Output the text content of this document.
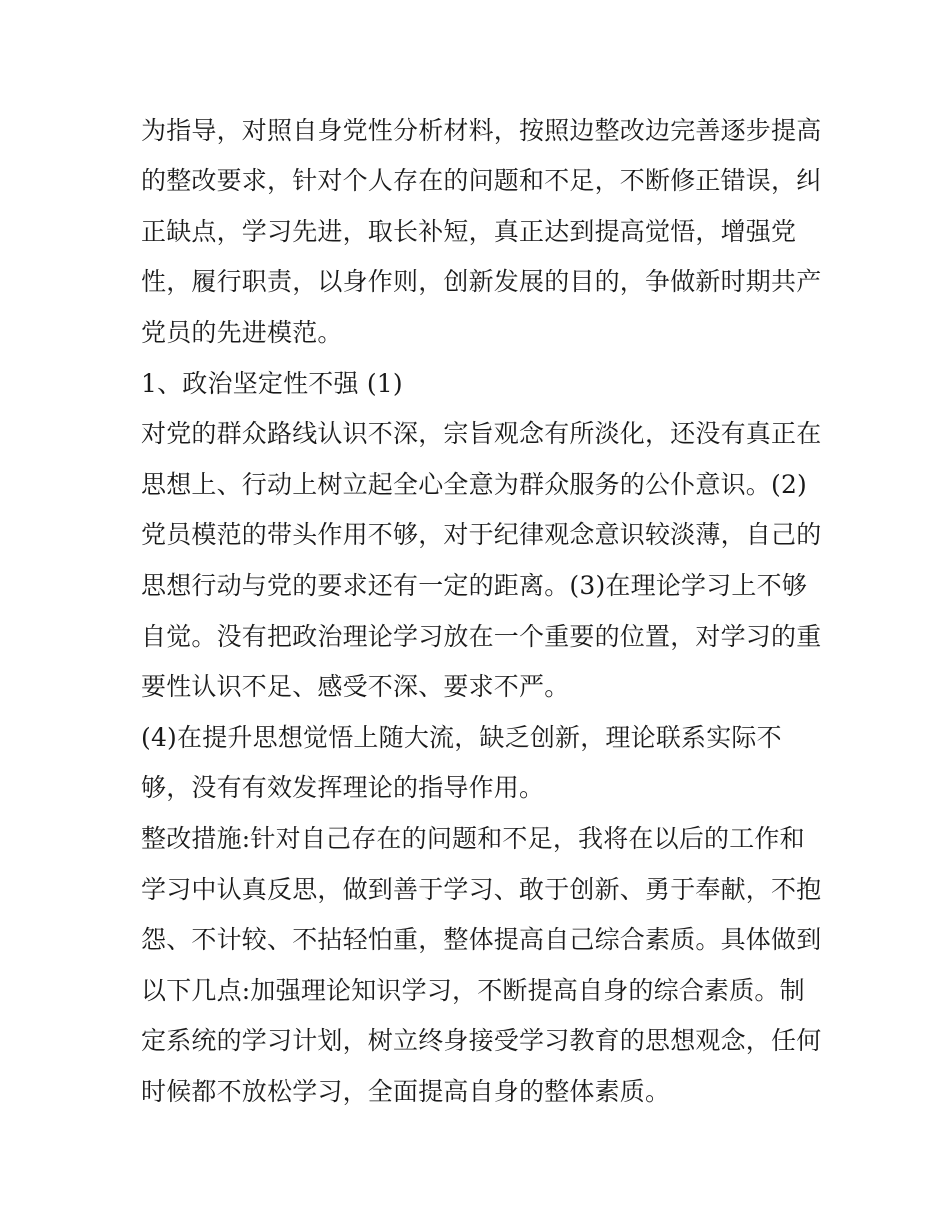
为指导，对照自身党性分析材料，按照边整改边完善逐步提高
的整改要求，针对个人存在的问题和不足，不断修正错误，纠
正缺点，学习先进，取长补短，真正达到提高觉悟，增强党
性，履行职责，以身作则，创新发展的目的，争做新时期共产
党员的先进模范。
1、政治坚定性不强 (1)
对党的群众路线认识不深，宗旨观念有所淡化，还没有真正在
思想上、行动上树立起全心全意为群众服务的公仆意识。(2)
党员模范的带头作用不够，对于纪律观念意识较淡薄，自己的
思想行动与党的要求还有一定的距离。(3)在理论学习上不够
自觉。没有把政治理论学习放在一个重要的位置，对学习的重
要性认识不足、感受不深、要求不严。
(4)在提升思想觉悟上随大流，缺乏创新，理论联系实际不
够，没有有效发挥理论的指导作用。
整改措施:针对自己存在的问题和不足，我将在以后的工作和
学习中认真反思，做到善于学习、敢于创新、勇于奉献，不抱
怨、不计较、不拈轻怕重，整体提高自己综合素质。具体做到
以下几点:加强理论知识学习，不断提高自身的综合素质。制
定系统的学习计划，树立终身接受学习教育的思想观念，任何
时候都不放松学习，全面提高自身的整体素质。
